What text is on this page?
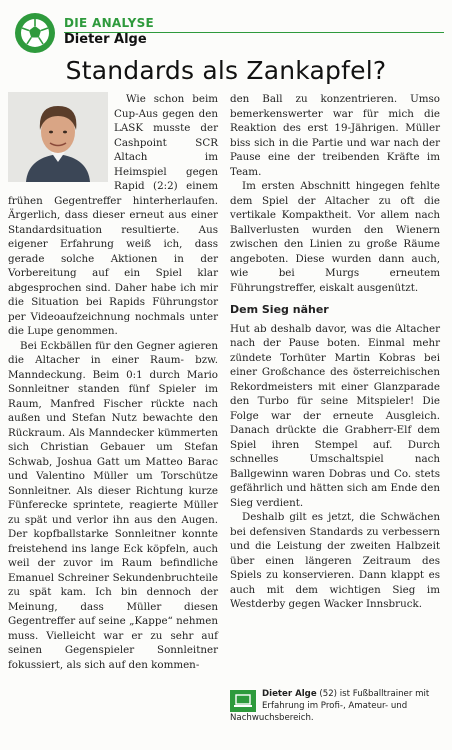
DIE ANALYSE
Dieter Alge
Standards als Zankapfel?

Wie schon beim Cup-Aus gegen den LASK musste der Cashpoint SCR Altach im Heimspiel gegen Rapid (2:2) einem frühen Gegentreffer hinterherlaufen. Ärgerlich, dass dieser erneut aus einer Standardsituation resultierte. Aus eigener Erfahrung weiß ich, dass gerade solche Aktionen in der Vorbereitung auf ein Spiel klar abgesprochen sind. Daher habe ich mir die Situation bei Rapids Führungstor per Videoaufzeichnung nochmals unter die Lupe genommen.

Bei Eckbällen für den Gegner agieren die Altacher in einer Raum- bzw. Manndeckung. Beim 0:1 durch Mario Sonnleitner standen fünf Spieler im Raum, Manfred Fischer rückte nach außen und Stefan Nutz bewachte den Rückraum. Als Manndecker kümmerten sich Christian Gebauer um Stefan Schwab, Joshua Gatt um Matteo Barac und Valentino Müller um Torschütze Sonnleitner. Als dieser Richtung kurze Fünferecke sprintete, reagierte Müller zu spät und verlor ihn aus den Augen. Der kopfballstarke Sonnleitner konnte freistehend ins lange Eck köpfeln, auch weil der zuvor im Raum befindliche Emanuel Schreiner Sekundenbruchteile zu spät kam. Ich bin dennoch der Meinung, dass Müller diesen Gegentreffer auf seine „Kappe“ nehmen muss. Vielleicht war er zu sehr auf seinen Gegenspieler Sonnleitner fokussiert, als sich auf den kommen-

den Ball zu konzentrieren. Umso bemerkenswerter war für mich die Reaktion des erst 19-Jährigen. Müller biss sich in die Partie und war nach der Pause eine der treibenden Kräfte im Team.

Im ersten Abschnitt hingegen fehlte dem Spiel der Altacher zu oft die vertikale Kompaktheit. Vor allem nach Ballverlusten wurden den Wienern zwischen den Linien zu große Räume angeboten. Diese wurden dann auch, wie bei Murgs erneutem Führungstreffer, eiskalt ausgenützt.

Dem Sieg näher

Hut ab deshalb davor, was die Altacher nach der Pause boten. Einmal mehr zündete Torhüter Martin Kobras bei einer Großchance des österreichischen Rekordmeisters mit einer Glanzparade den Turbo für seine Mitspieler! Die Folge war der erneute Ausgleich. Danach drückte die Grabherr-Elf dem Spiel ihren Stempel auf. Durch schnelles Umschaltspiel nach Ballgewinn waren Dobras und Co. stets gefährlich und hätten sich am Ende den Sieg verdient.

Deshalb gilt es jetzt, die Schwächen bei defensiven Standards zu verbessern und die Leistung der zweiten Halbzeit über einen längeren Zeitraum des Spiels zu konservieren. Dann klappt es auch mit dem wichtigen Sieg im Westderby gegen Wacker Innsbruck.

Dieter Alge (52) ist Fußballtrainer mit Erfahrung im Profi-, Amateur- und Nachwuchsbereich.
